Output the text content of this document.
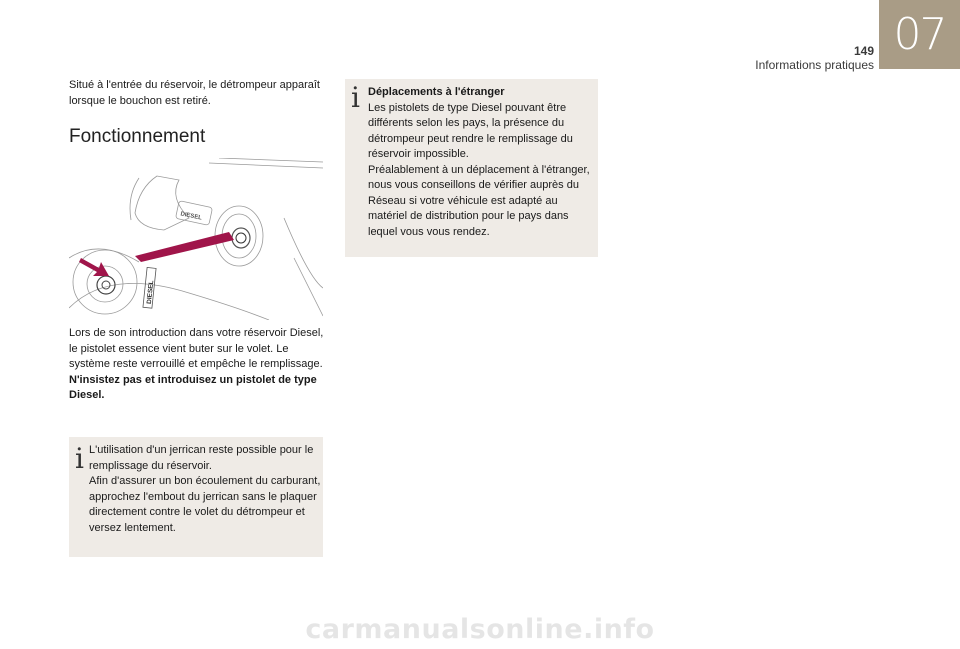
07
149
Informations pratiques

Situé à l'entrée du réservoir, le détrompeur apparaît lorsque le bouchon est retiré.

Fonctionnement
DIESEL
DIESEL

Lors de son introduction dans votre réservoir Diesel, le pistolet essence vient buter sur le volet. Le système reste verrouillé et empêche le remplissage.

N'insistez pas et introduisez un pistolet de type Diesel.

i L'utilisation d'un jerrican reste possible pour le remplissage du réservoir.

Afin d'assurer un bon écoulement du carburant, approchez l'embout du jerrican sans le plaquer directement contre le volet du détrompeur et versez lentement.

i Déplacements à l'étranger

Les pistolets de type Diesel pouvant être différents selon les pays, la présence du détrompeur peut rendre le remplissage du réservoir impossible.

Préalablement à un déplacement à l'étranger, nous vous conseillons de vérifier auprès du Réseau si votre véhicule est adapté au matériel de distribution pour le pays dans lequel vous vous rendez.

carmanualsonline.info
